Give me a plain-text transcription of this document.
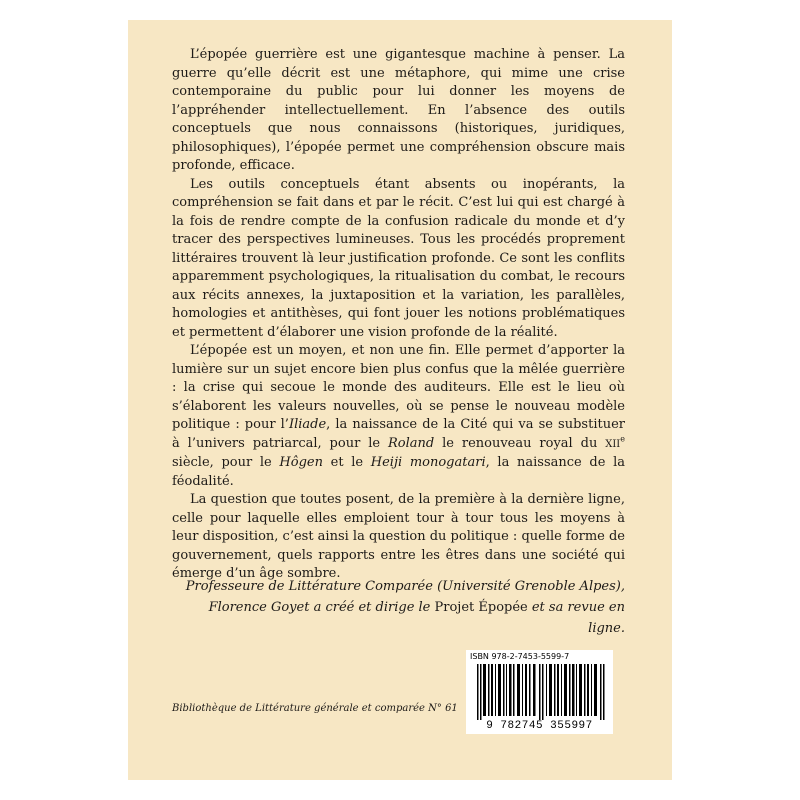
L’épopée guerrière est une gigantesque machine à penser. La guerre qu’elle décrit est une métaphore, qui mime une crise contemporaine du public pour lui donner les moyens de l’appréhender intellectuellement. En l’absence des outils conceptuels que nous connaissons (historiques, juridiques, philosophiques), l’épopée permet une compréhension obscure mais profonde, efficace.

Les outils conceptuels étant absents ou inopérants, la compréhension se fait dans et par le récit. C’est lui qui est chargé à la fois de rendre compte de la confusion radicale du monde et d’y tracer des perspectives lumineuses. Tous les procédés proprement littéraires trouvent là leur justification profonde. Ce sont les conflits apparemment psychologiques, la ritualisation du combat, le recours aux récits annexes, la juxtaposition et la variation, les parallèles, homologies et antithèses, qui font jouer les notions problématiques et permettent d’élaborer une vision profonde de la réalité.

L’épopée est un moyen, et non une fin. Elle permet d’apporter la lumière sur un sujet encore bien plus confus que la mêlée guerrière : la crise qui secoue le monde des auditeurs. Elle est le lieu où s’élaborent les valeurs nouvelles, où se pense le nouveau modèle politique : pour l’Iliade, la naissance de la Cité qui va se substituer à l’univers patriarcal, pour le Roland le renouveau royal du XIIe siècle, pour le Hôgen et le Heiji monogatari, la naissance de la féodalité.

La question que toutes posent, de la première à la dernière ligne, celle pour laquelle elles emploient tour à tour tous les moyens à leur disposition, c’est ainsi la question du politique : quelle forme de gouvernement, quels rapports entre les êtres dans une société qui émerge d’un âge sombre.

Professeure de Littérature Comparée (Université Grenoble Alpes),
Florence Goyet a créé et dirige le Projet Épopée et sa revue en ligne.
ISBN 978-2-7453-5599-7
9 782745 355997
Bibliothèque de Littérature générale et comparée N° 61
